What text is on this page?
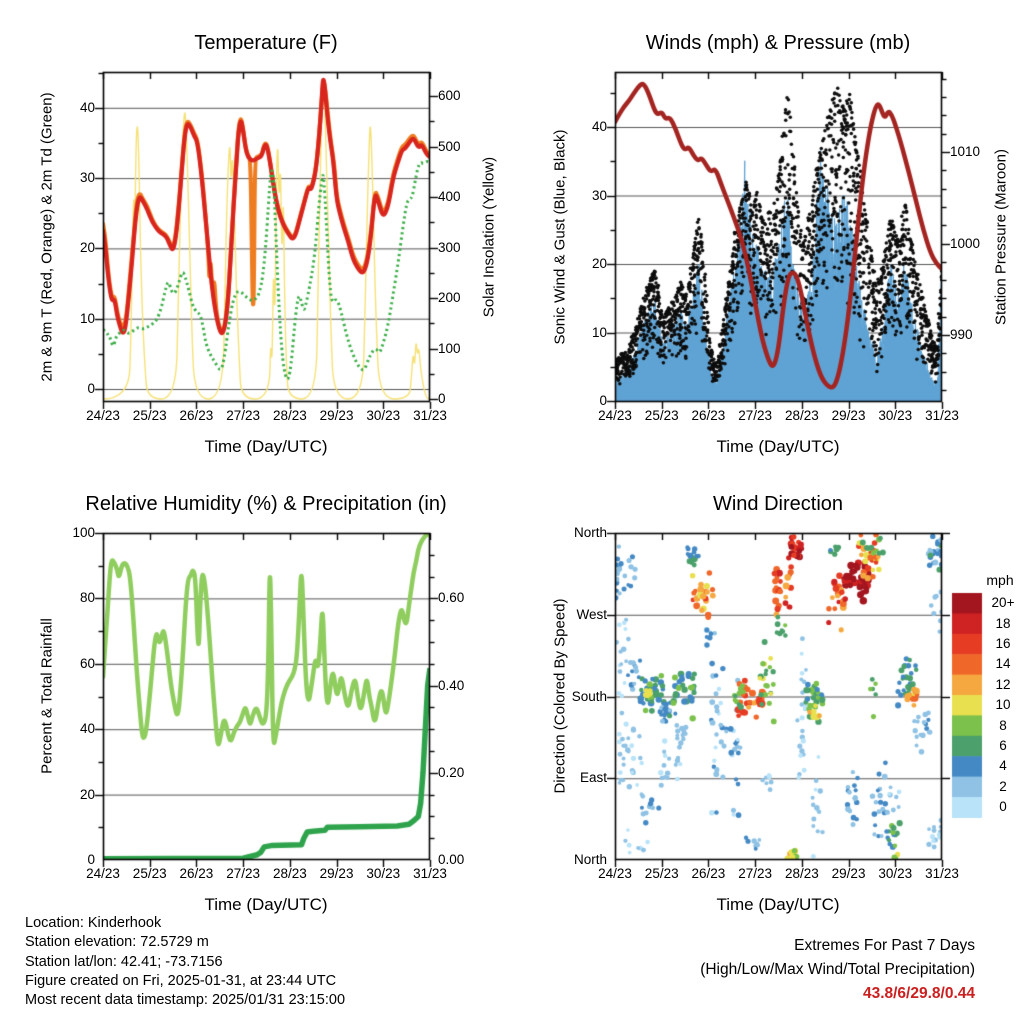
Temperature (F)	Winds (mph) & Pressure (mb)
Relative Humidity (%) & Precipitation (in)	Wind Direction
2m & 9m T (Red, Orange) & 2m Td (Green)	Solar Insolation (Yellow)	Sonic Wind & Gust (Blue, Black)	Station Pressure (Maroon)
Percent & Total Rainfall	Direction (Colored By Speed)
Time (Day/UTC)	Time (Day/UTC)
Time (Day/UTC)	Time (Day/UTC)
mph
0
10
20
30
40
0
100
200
300
400
500
600
0
10
20
30
40
990
1000
1010
0
20
40
60
80
100
0.00
0.20
0.40
0.60
North
West
South
East
North
20+
18
16
14
12
10
8
6
4
2
0
24/23 25/23 26/23 27/23 28/23 29/23 30/23 31/23	24/23 25/23 26/23 27/23 28/23 29/23 30/23 31/23
24/23 25/23 26/23 27/23 28/23 29/23 30/23 31/23	24/23 25/23 26/23 27/23 28/23 29/23 30/23 31/23
Location: Kinderhook
Station elevation: 72.5729 m
Station lat/lon: 42.41; -73.7156
Figure created on Fri, 2025-01-31, at 23:44 UTC
Most recent data timestamp: 2025/01/31 23:15:00
Extremes For Past 7 Days
(High/Low/Max Wind/Total Precipitation)
43.8/6/29.8/0.44
